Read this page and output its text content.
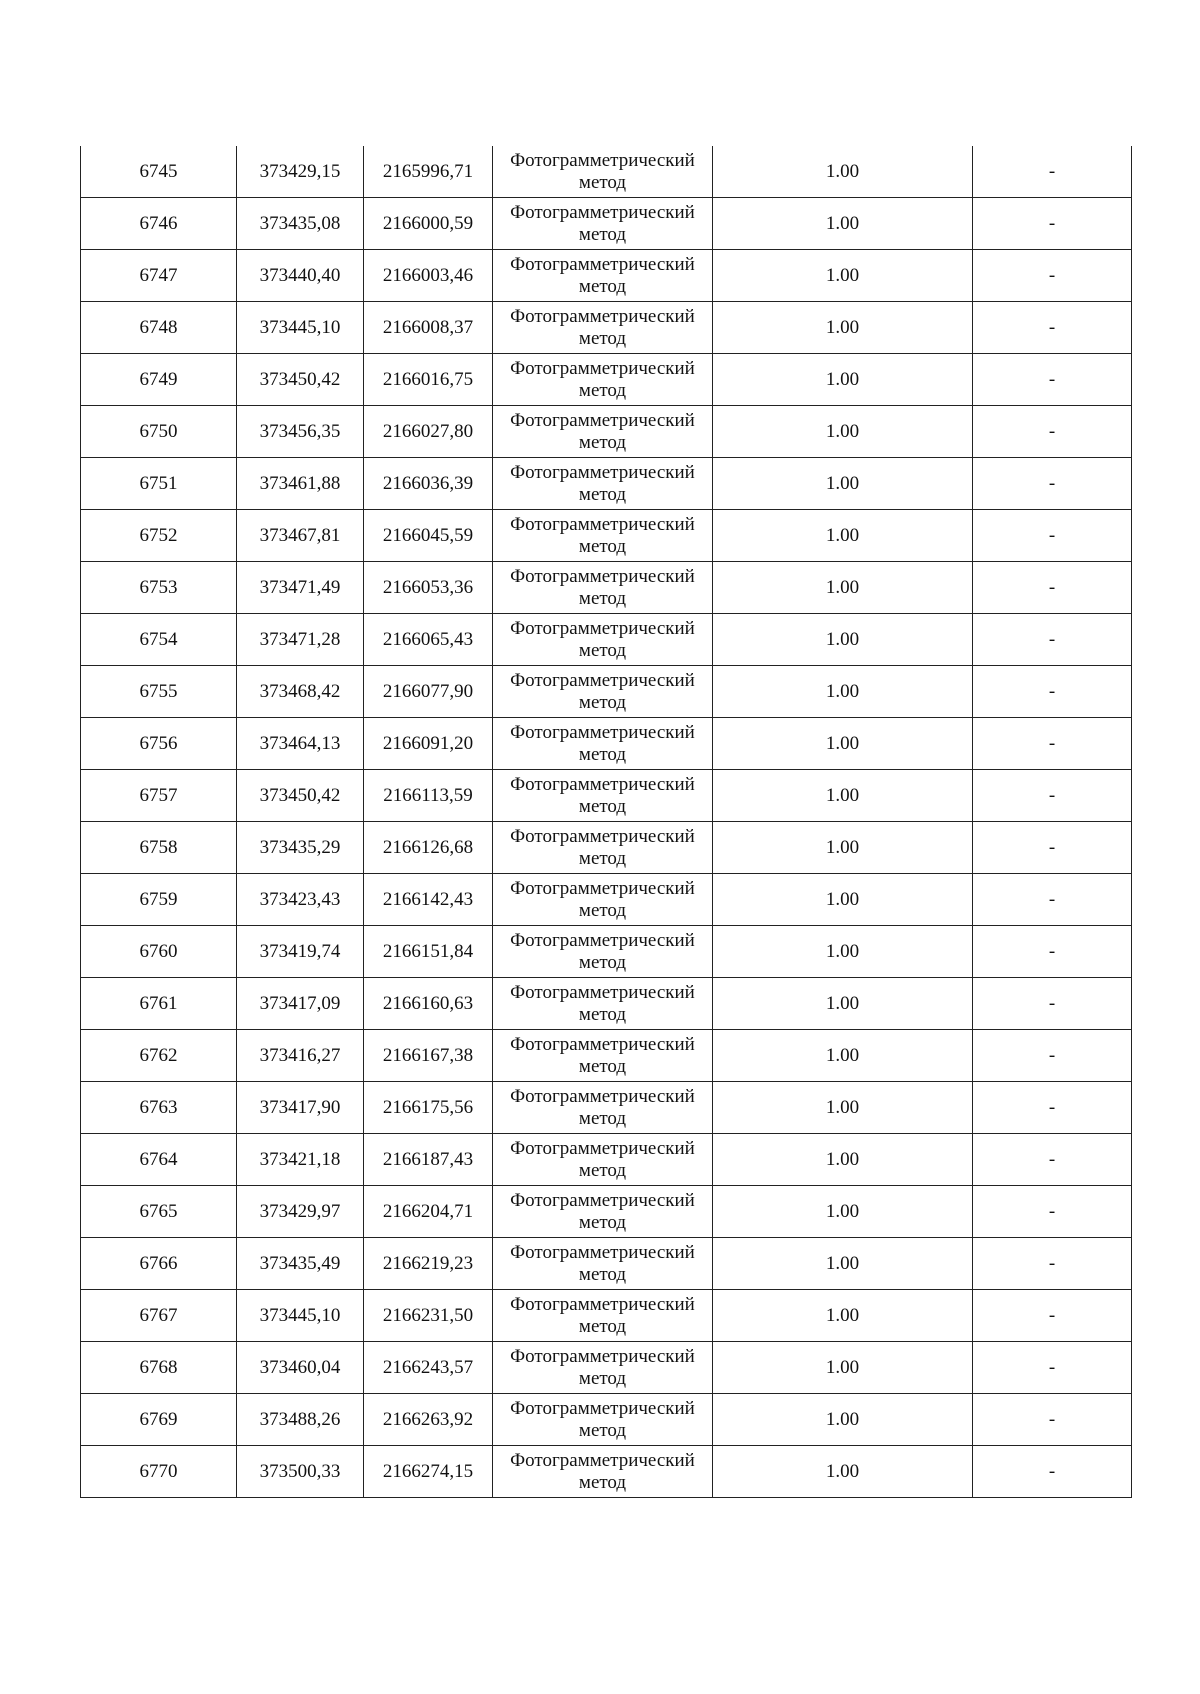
6745	373429,15	2165996,71	Фотограмметрический
метод	1.00	-
6746	373435,08	2166000,59	Фотограмметрический
метод	1.00	-
6747	373440,40	2166003,46	Фотограмметрический
метод	1.00	-
6748	373445,10	2166008,37	Фотограмметрический
метод	1.00	-
6749	373450,42	2166016,75	Фотограмметрический
метод	1.00	-
6750	373456,35	2166027,80	Фотограмметрический
метод	1.00	-
6751	373461,88	2166036,39	Фотограмметрический
метод	1.00	-
6752	373467,81	2166045,59	Фотограмметрический
метод	1.00	-
6753	373471,49	2166053,36	Фотограмметрический
метод	1.00	-
6754	373471,28	2166065,43	Фотограмметрический
метод	1.00	-
6755	373468,42	2166077,90	Фотограмметрический
метод	1.00	-
6756	373464,13	2166091,20	Фотограмметрический
метод	1.00	-
6757	373450,42	2166113,59	Фотограмметрический
метод	1.00	-
6758	373435,29	2166126,68	Фотограмметрический
метод	1.00	-
6759	373423,43	2166142,43	Фотограмметрический
метод	1.00	-
6760	373419,74	2166151,84	Фотограмметрический
метод	1.00	-
6761	373417,09	2166160,63	Фотограмметрический
метод	1.00	-
6762	373416,27	2166167,38	Фотограмметрический
метод	1.00	-
6763	373417,90	2166175,56	Фотограмметрический
метод	1.00	-
6764	373421,18	2166187,43	Фотограмметрический
метод	1.00	-
6765	373429,97	2166204,71	Фотограмметрический
метод	1.00	-
6766	373435,49	2166219,23	Фотограмметрический
метод	1.00	-
6767	373445,10	2166231,50	Фотограмметрический
метод	1.00	-
6768	373460,04	2166243,57	Фотограмметрический
метод	1.00	-
6769	373488,26	2166263,92	Фотограмметрический
метод	1.00	-
6770	373500,33	2166274,15	Фотограмметрический
метод	1.00	-
